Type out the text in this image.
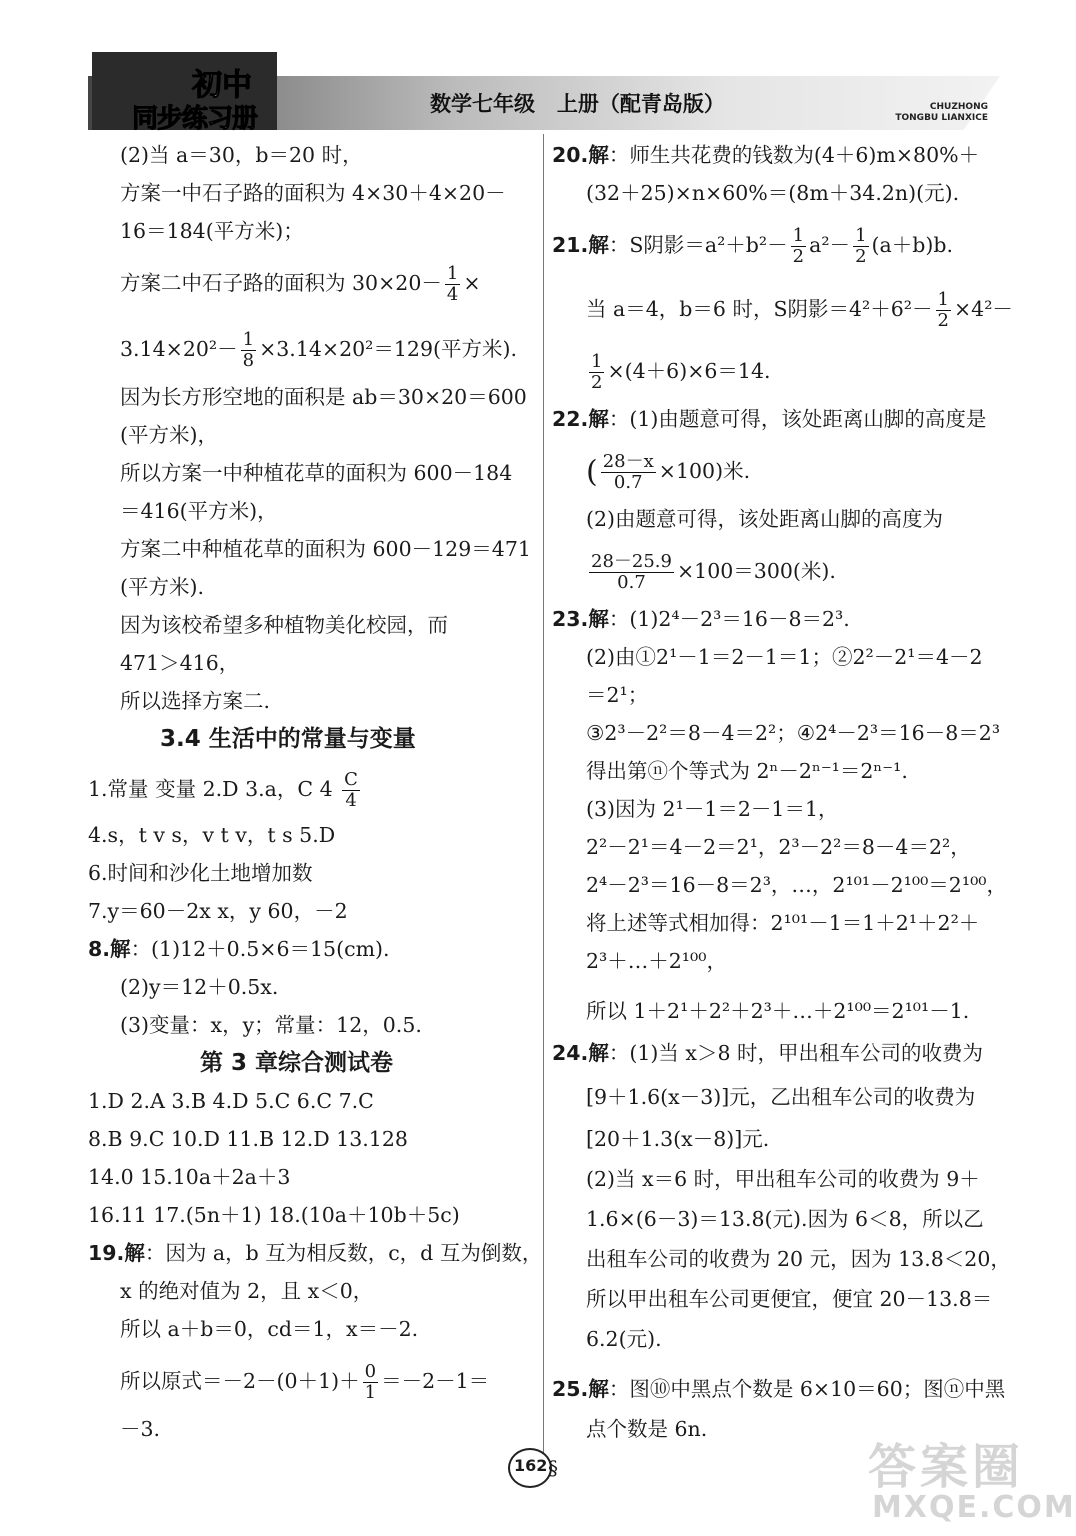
初中
同步练习册	数学七年级   上册（配青岛版）	CHUZHONG
TONGBU LIANXICE
(2)当 a＝30，b＝20 时，
方案一中石子路的面积为 4×30＋4×20－
16＝184(平方米)；
方案二中石子路的面积为 $30\times 20- \frac{1}{4}$ ×
$3.14\times 20^2- \frac{1}{8} \times 3.14\times 20^2=129$(平方米).
因为长方形空地的面积是 ab＝30×20＝600
(平方米)，
所以方案一中种植花草的面积为 600－184
＝416(平方米)，
方案二中种植花草的面积为 600－129＝471
(平方米).
因为该校希望多种植物美化校园，而
471＞416，
所以选择方案二.
3.4 生活中的常量与变量
1.常量 变量 2.D 3.a，C $4 \frac{C}{4}$
4.s，t v s，v t v，t s 5.D
6.时间和沙化土地增加数
7.y＝60－2x x，y 60，－2
8.解：(1)12＋0.5×6＝15(cm).
(2)y＝12＋0.5x.
(3)变量：x，y；常量：12，0.5.
第 3 章综合测试卷
1.D 2.A 3.B 4.D 5.C 6.C 7.C
8.B 9.C 10.D 11.B 12.D 13.128
14.0 15.10a＋2a＋3
16.11 17.(5n＋1) 18.(10a＋10b＋5c)
19.解：因为 a，b 互为相反数，c，d 互为倒数，
x 的绝对值为 2，且 x＜0，
所以 a＋b＝0，cd＝1，x＝－2.
所以原式$=-2-(0+1)+ \frac{0}{1} =-2-1=$
－3.
20.解：师生共花费的钱数为(4＋6)m×80%＋
(32＋25)×n×60%＝(8m＋34.2n)(元).
21.解：S阴影$=a^2+b^2- \frac{1}{2} a^2- \frac{1}{2} (a+b)b$.
当 a＝4，b＝6 时，S阴影$=4^2+6^2- \frac{1}{2} \times 4^2-$
$\frac{1}{2} \times(4+6)\times 6=14$.
22.解：(1)由题意可得，该处距离山脚的高度是
( $\frac{28-x}{0.7} \times 100$)米.
(2)由题意可得，该处距离山脚的高度为
$\frac{28-25.9}{0.7} \times 100=300$(米).
23.解：(1)2⁴－2³＝16－8＝2³.
(2)由①2¹－1＝2－1＝1；②2²－2¹＝4－2
＝2¹；
③2³－2²＝8－4＝2²；④2⁴－2³＝16－8＝2³
得出第ⓝ个等式为 2ⁿ－2ⁿ⁻¹＝2ⁿ⁻¹.
(3)因为 2¹－1＝2－1＝1，
2²－2¹＝4－2＝2¹，2³－2²＝8－4＝2²，
2⁴－2³＝16－8＝2³，…，2¹⁰¹－2¹⁰⁰＝2¹⁰⁰，
将上述等式相加得：2¹⁰¹－1＝1＋2¹＋2²＋
2³＋…＋2¹⁰⁰，
所以 1＋2¹＋2²＋2³＋…＋2¹⁰⁰＝2¹⁰¹－1.
24.解：(1)当 x＞8 时，甲出租车公司的收费为
[9＋1.6(x－3)]元，乙出租车公司的收费为
[20＋1.3(x－8)]元.
(2)当 x＝6 时，甲出租车公司的收费为 9＋
1.6×(6－3)＝13.8(元).因为 6＜8，所以乙
出租车公司的收费为 20 元，因为 13.8＜20，
所以甲出租车公司更便宜，便宜 20－13.8＝
6.2(元).
25.解：图⑩中黑点个数是 6×10＝60；图ⓝ中黑
点个数是 6n.
162 §	答案圈
MXQE.COM
